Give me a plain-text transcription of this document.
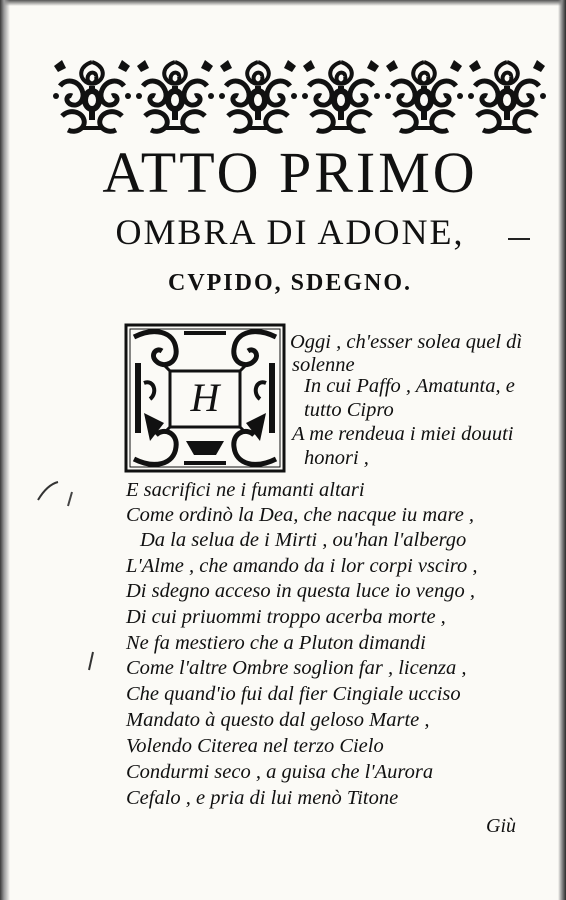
ATTO PRIMO
OMBRA DI ADONE,
CVPIDO, SDEGNO.
H
Oggi , ch'esser solea quel dì
solenne
In cui Paffo , Amatunta, e
tutto Cipro
A me rendeua i miei douuti
honori ,
E sacrifici ne i fumanti altari
Come ordinò la Dea, che nacque iu mare ,
Da la selua de i Mirti , ou'han l'albergo
L'Alme , che amando da i lor corpi vsciro ,
Di sdegno acceso in questa luce io vengo ,
Di cui priuommi troppo acerba morte ,
Ne fa mestiero che a Pluton dimandi
Come l'altre Ombre soglion far , licenza ,
Che quand'io fui dal fier Cingiale ucciso
Mandato à questo dal geloso Marte ,
Volendo Citerea nel terzo Cielo
Condurmi seco , a guisa che l'Aurora
Cefalo , e pria di lui menò Titone
Giù
